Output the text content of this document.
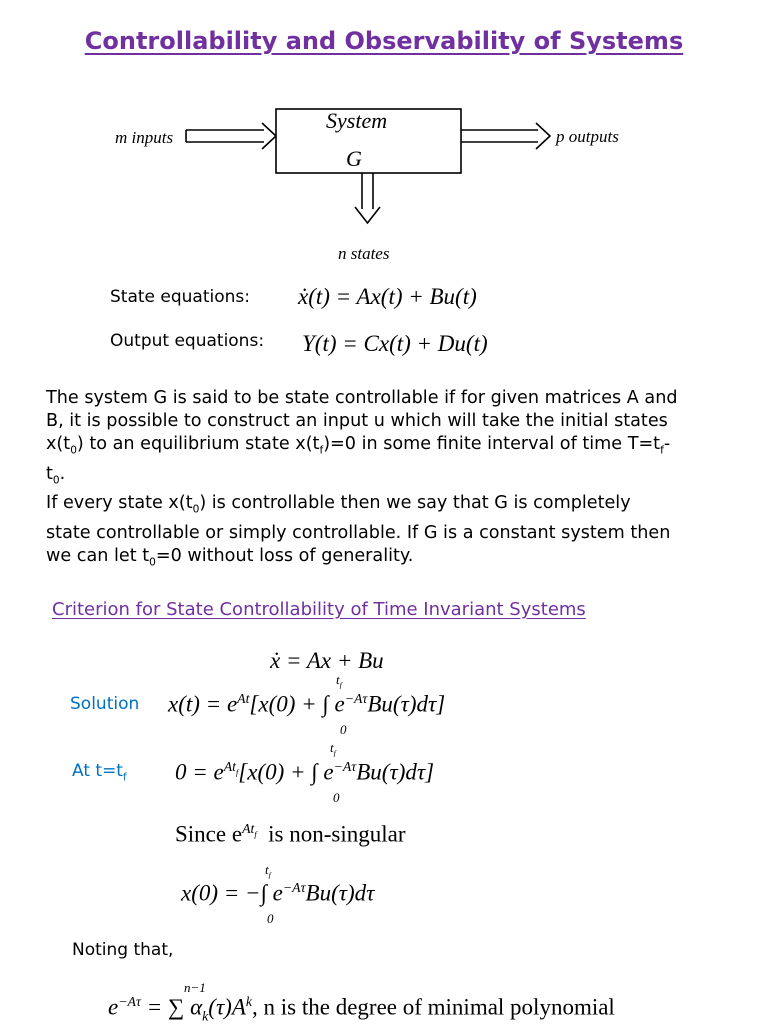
Controllability and Observability of Systems
System
G
m inputs	p outputs
n states
State equations: ẋ(t) = Ax(t) + Bu(t)
Output equations: Y(t) = Cx(t) + Du(t)

The system G is said to be state controllable if for given matrices A and

B, it is possible to construct an input u which will take the initial states

$x(t_0)$ to an equilibrium state $x(t_f)=0$ in some finite interval of time $T=t_f-$

$t_0$.

If every state $x(t_0)$ is controllable then we say that G is completely

state controllable or simply controllable. If G is a constant system then

we can let $t_0=0$ without loss of generality.

Criterion for State Controllability of Time Invariant Systems
ẋ = Ax + Bu
Solution $x(t) = e^{At}[x(0)$ + ∫ $e^{-A\tau}Bu(\tau)d\tau$]
$t_f$
0
At $t=t_f$ $0 = e^{At_f}[x(0)$ + ∫ $e^{-A\tau}Bu(\tau)d\tau$]
$t_f$
0
Since $e^{At_f}$ is non-singular
x(0) = −∫ $e^{-A\tau}Bu(\tau)d\tau$
$t_f$
0
Noting that,
n−1
$e^{-A\tau}$ = ∑ $\alpha_k(\tau)A^k$, n is the degree of minimal polynomial
